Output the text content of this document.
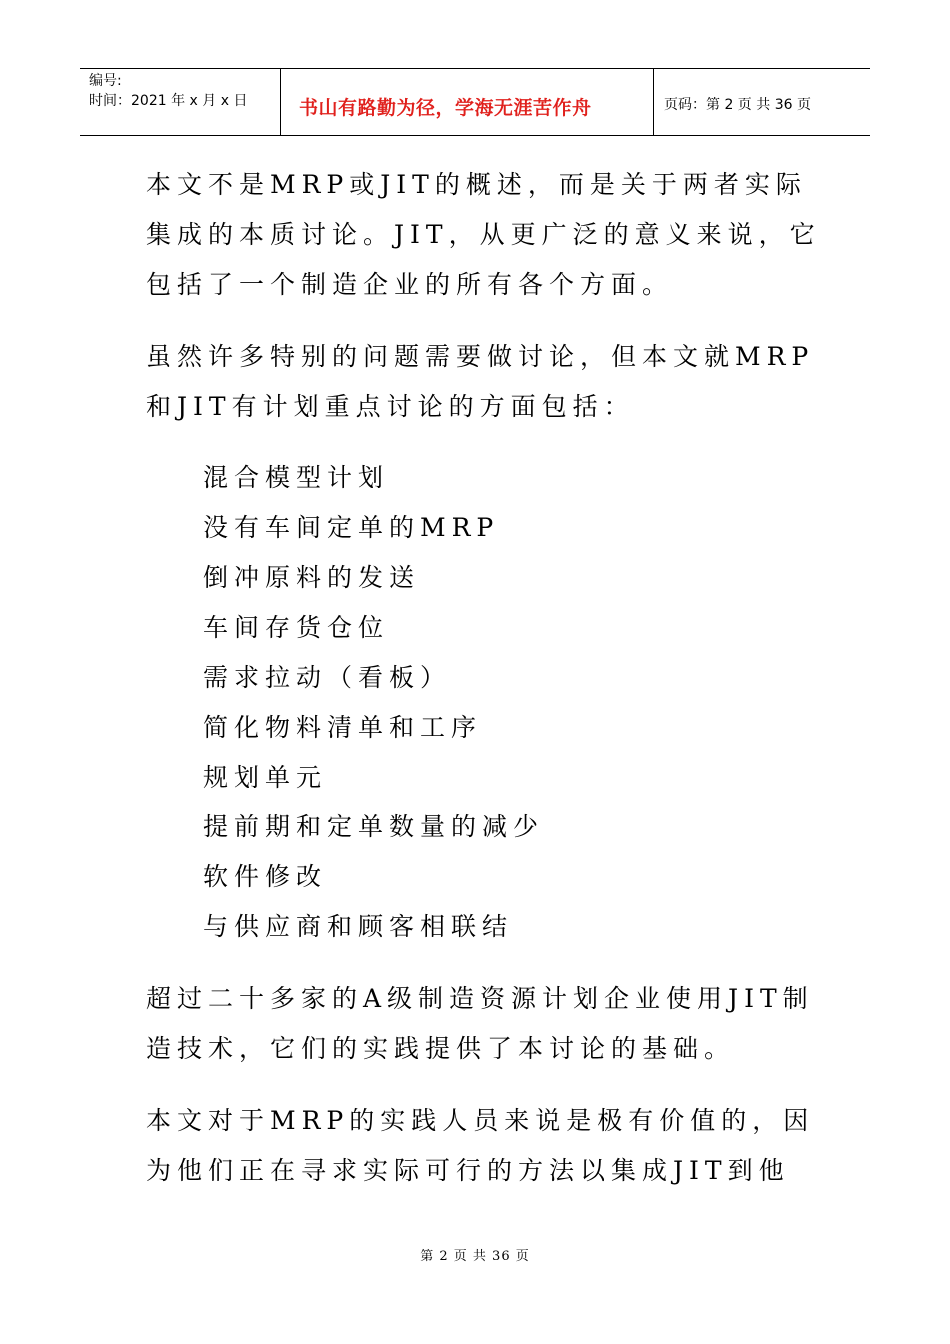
编号:
时间：2021 年 x 月 x 日	书山有路勤为径，学海无涯苦作舟	页码：第 2 页 共 36 页
本文不是MRP或JIT的概述，而是关于两者实际
集成的本质讨论。JIT，从更广泛的意义来说，它
包括了一个制造企业的所有各个方面。
虽然许多特别的问题需要做讨论，但本文就MRP
和JIT有计划重点讨论的方面包括：
混合模型计划
没有车间定单的MRP
倒冲原料的发送
车间存货仓位
需求拉动（看板）
简化物料清单和工序
规划单元
提前期和定单数量的减少
软件修改
与供应商和顾客相联结
超过二十多家的A级制造资源计划企业使用JIT制
造技术，它们的实践提供了本讨论的基础。
本文对于MRP的实践人员来说是极有价值的，因
为他们正在寻求实际可行的方法以集成JIT到他
第 2 页 共 36 页
